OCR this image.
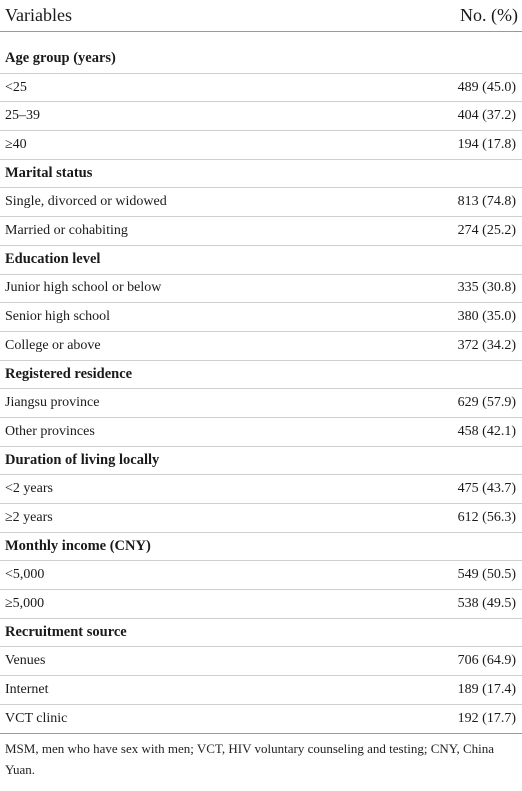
Variables	No. (%)
Age group (years)
<25	489 (45.0)
25–39	404 (37.2)
≥40	194 (17.8)
Marital status
Single, divorced or widowed	813 (74.8)
Married or cohabiting	274 (25.2)
Education level
Junior high school or below	335 (30.8)
Senior high school	380 (35.0)
College or above	372 (34.2)
Registered residence
Jiangsu province	629 (57.9)
Other provinces	458 (42.1)
Duration of living locally
<2 years	475 (43.7)
≥2 years	612 (56.3)
Monthly income (CNY)
<5,000	549 (50.5)
≥5,000	538 (49.5)
Recruitment source
Venues	706 (64.9)
Internet	189 (17.4)
VCT clinic	192 (17.7)
MSM, men who have sex with men; VCT, HIV voluntary counseling and testing; CNY, China Yuan.
